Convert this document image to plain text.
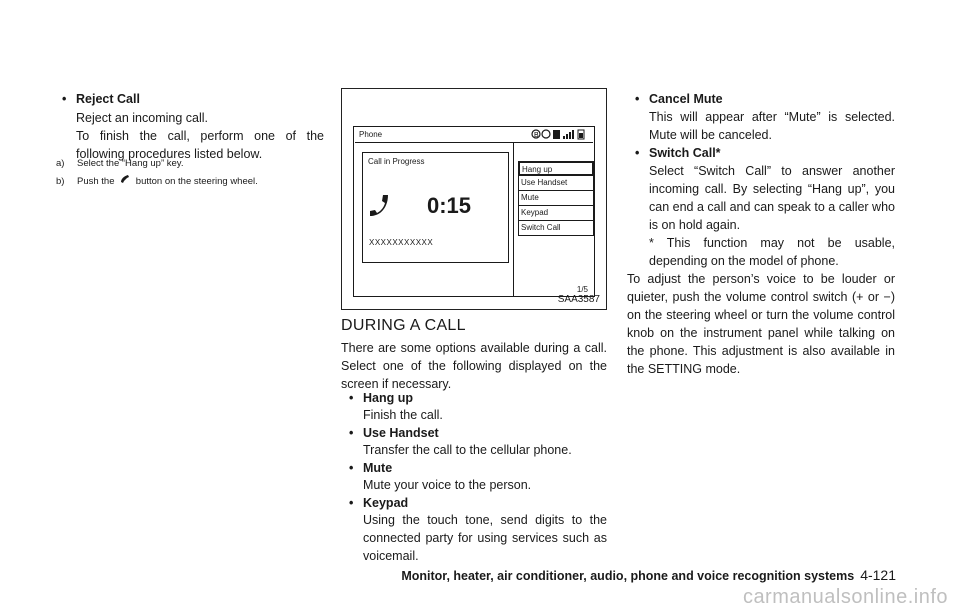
• Reject Call
Reject an incoming call.
To finish the call, perform one of the following procedures listed below.
a) Select the “Hang up” key.
b) Push the button on the steering wheel.
Phone	B
Call in Progress
0:15
XXXXXXXXXXX
Hang up
Use Handset
Mute
Keypad
Switch Call
1/5
SAA3587
DURING A CALL
There are some options available during a call. Select one of the following displayed on the screen if necessary.
• Hang up
Finish the call.
• Use Handset
Transfer the call to the cellular phone.
• Mute
Mute your voice to the person.
• Keypad
Using the touch tone, send digits to the connected party for using services such as voicemail.
• Cancel Mute
This will appear after “Mute” is selected. Mute will be canceled.
• Switch Call*
Select “Switch Call” to answer another incoming call. By selecting “Hang up”, you can end a call and can speak to a caller who is on hold again.
* This function may not be usable, depending on the model of phone.
To adjust the person’s voice to be louder or quieter, push the volume control switch (+ or −) on the steering wheel or turn the volume control knob on the instrument panel while talking on the phone. This adjustment is also available in the SETTING mode.
Monitor, heater, air conditioner, audio, phone and voice recognition systems 4-121
carmanualsonline.info
